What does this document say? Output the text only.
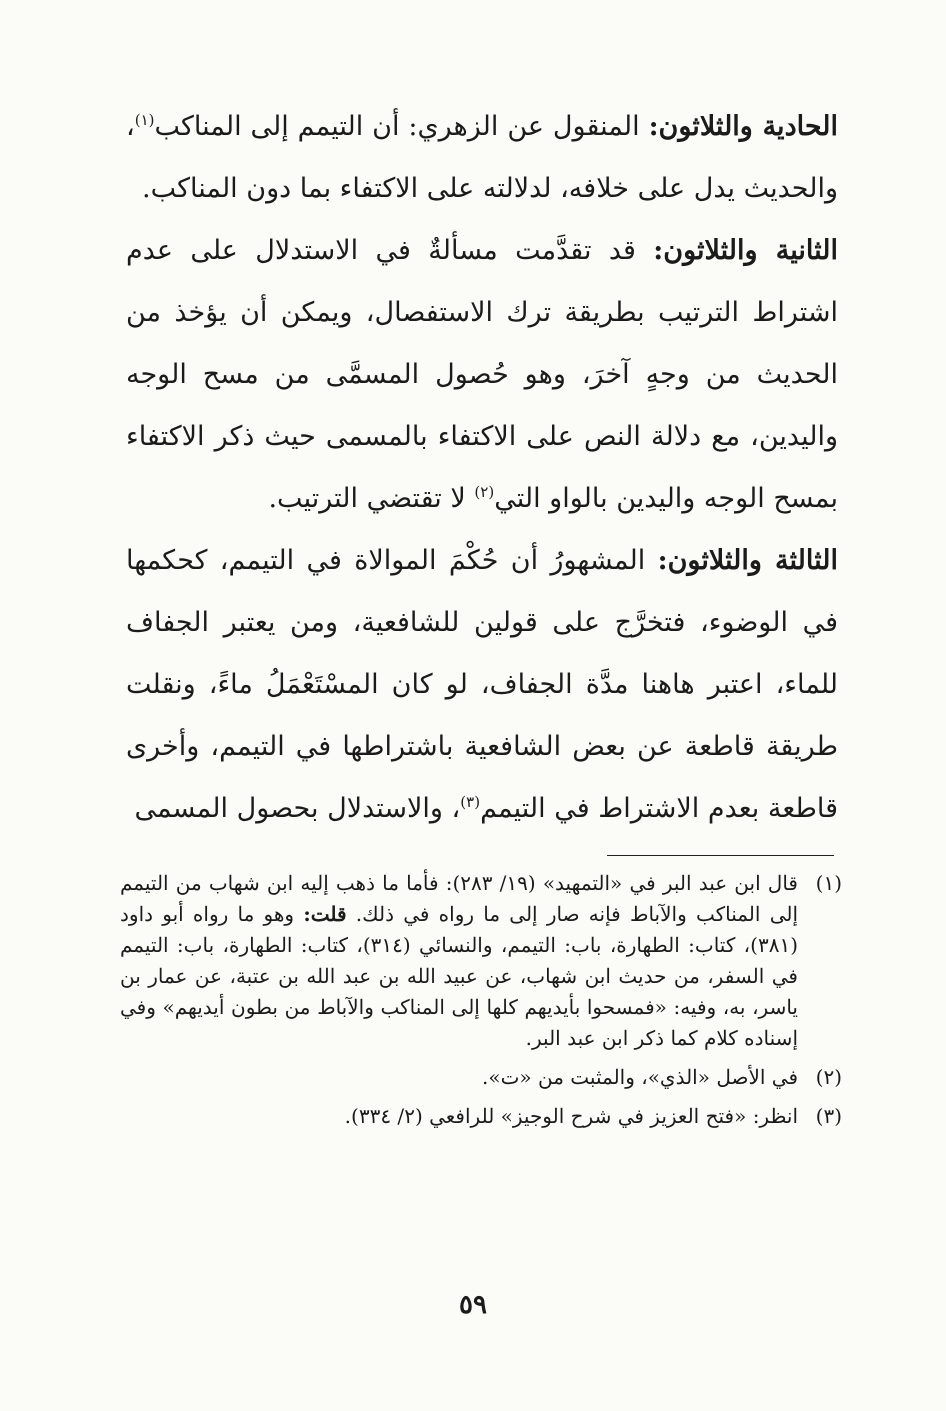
الحادية والثلاثون: المنقول عن الزهري: أن التيمم إلى المناكب$^{(١)}$، والحديث يدل على خلافه، لدلالته على الاكتفاء بما دون المناكب.

الثانية والثلاثون: قد تقدَّمت مسألةٌ في الاستدلال على عدم اشتراط الترتيب بطريقة ترك الاستفصال، ويمكن أن يؤخذ من الحديث من وجهٍ آخرَ، وهو حُصول المسمَّى من مسح الوجه واليدين، مع دلالة النص على الاكتفاء بالمسمى حيث ذكر الاكتفاء بمسح الوجه واليدين بالواو التي$^{(٢)}$ لا تقتضي الترتيب.

الثالثة والثلاثون: المشهورُ أن حُكْمَ الموالاة في التيمم، كحكمها في الوضوء، فتخرَّج على قولين للشافعية، ومن يعتبر الجفاف للماء، اعتبر هاهنا مدَّة الجفاف، لو كان المسْتَعْمَلُ ماءً، ونقلت طريقة قاطعة عن بعض الشافعية باشتراطها في التيمم، وأخرى قاطعة بعدم الاشتراط في التيمم$^{(٣)}$، والاستدلال بحصول المسمى

(١)
قال ابن عبد البر في «التمهيد» (١٩/ ٢٨٣): فأما ما ذهب إليه ابن شهاب من التيمم إلى المناكب والآباط فإنه صار إلى ما رواه في ذلك. قلت: وهو ما رواه أبو داود (٣٨١)، كتاب: الطهارة، باب: التيمم، والنسائي (٣١٤)، كتاب: الطهارة، باب: التيمم في السفر، من حديث ابن شهاب، عن عبيد الله بن عبد الله بن عتبة، عن عمار بن ياسر، به، وفيه: «فمسحوا بأيديهم كلها إلى المناكب والآباط من بطون أيديهم» وفي إسناده كلام كما ذكر ابن عبد البر.
(٢)
في الأصل «الذي»، والمثبت من «ت».
(٣)
انظر: «فتح العزيز في شرح الوجيز» للرافعي (٢/ ٣٣٤).
٥٩
